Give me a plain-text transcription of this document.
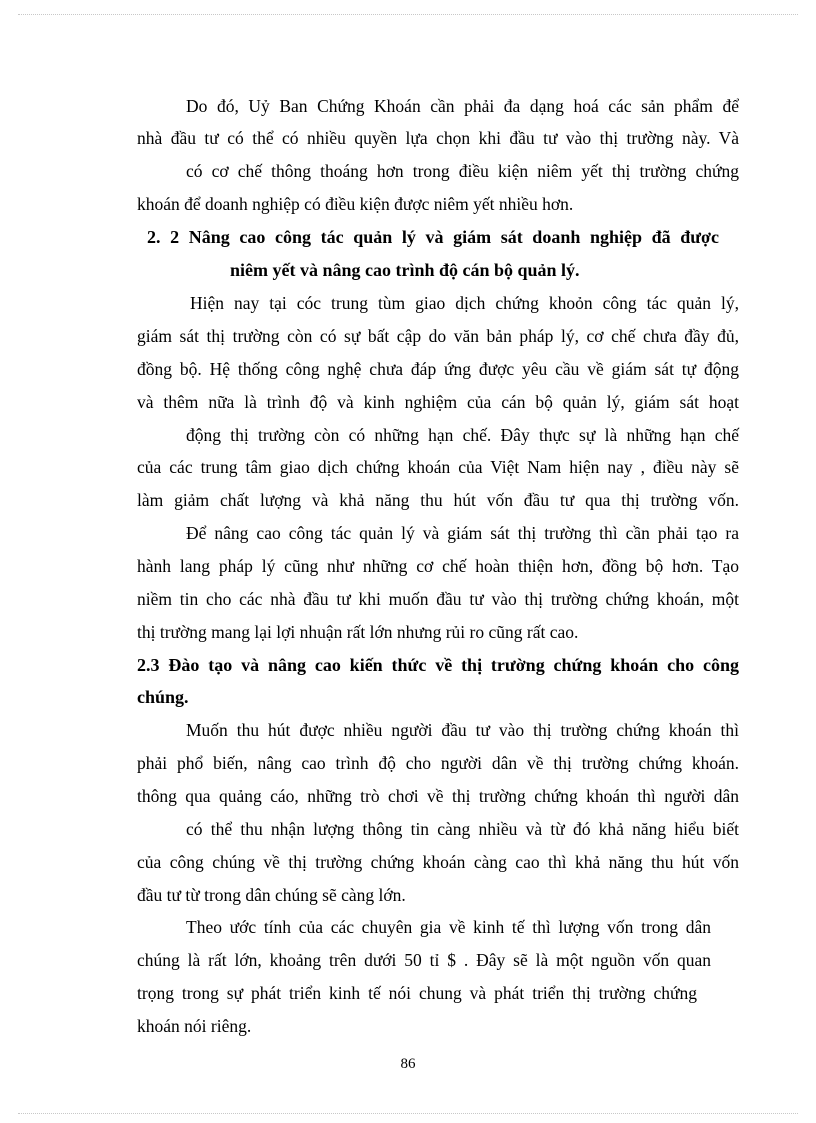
Do đó, Uỷ Ban Chứng Khoán cần phải đa dạng hoá các sản phẩm để
nhà đầu tư có thể có nhiều quyền lựa chọn khi đầu tư vào thị trường này. Và
có cơ chế thông thoáng hơn trong điều kiện niêm yết thị trường chứng
khoán để doanh nghiệp có điều kiện được niêm yết nhiều hơn.
2. 2 Nâng cao công tác quản lý và giám sát doanh nghiệp đã được
niêm yết và nâng cao trình độ cán bộ quản lý.
Hiện nay tại cóc trung tùm giao dịch chứng khoỏn công tác quản lý,
giám sát thị trường còn có sự bất cập do văn bản pháp lý, cơ chế chưa đầy đủ,
đồng bộ. Hệ thống công nghệ chưa đáp ứng được yêu cầu về giám sát tự động
và thêm nữa là trình độ và kinh nghiệm của cán bộ quản lý, giám sát hoạt
động thị trường còn có những hạn chế. Đây thực sự là những hạn chế
của các trung tâm giao dịch chứng khoán của Việt Nam hiện nay , điều này sẽ
làm giảm chất lượng và khả năng thu hút vốn đầu tư qua thị trường vốn.
Để nâng cao công tác quản lý và giám sát thị trường thì cần phải tạo ra
hành lang pháp lý cũng như những cơ chế hoàn thiện hơn, đồng bộ hơn. Tạo
niềm tin cho các nhà đầu tư khi muốn đầu tư vào thị trường chứng khoán, một
thị trường mang lại lợi nhuận rất lớn nhưng rủi ro cũng rất cao.
2.3 Đào tạo và nâng cao kiến thức về thị trường chứng khoán cho công
chúng.
Muốn thu hút được nhiều người đầu tư vào thị trường chứng khoán thì
phải phổ biến, nâng cao trình độ cho người dân về thị trường chứng khoán.
thông qua quảng cáo, những trò chơi về thị trường chứng khoán thì người dân
có thể thu nhận lượng thông tin càng nhiều và từ đó khả năng hiểu biết
của công chúng về thị trường chứng khoán càng cao thì khả năng thu hút vốn
đầu tư từ trong dân chúng sẽ càng lớn.
Theo ước tính của các chuyên gia về kinh tế thì lượng vốn trong dân
chúng là rất lớn, khoảng trên dưới 50 tỉ $ . Đây sẽ là một nguồn vốn quan
trọng trong sự phát triển kinh tế nói chung và phát triển thị trường chứng
khoán nói riêng.
86
